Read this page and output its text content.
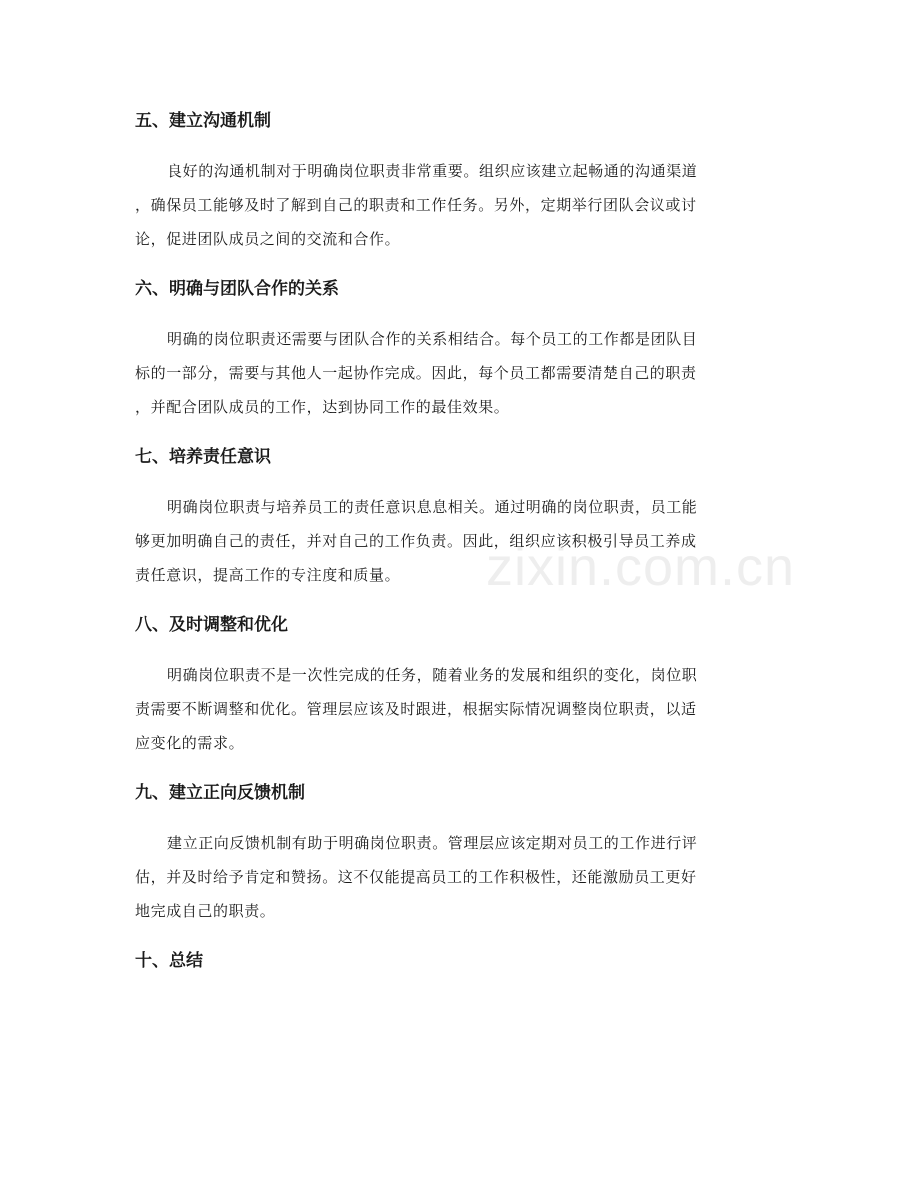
五、建立沟通机制
良好的沟通机制对于明确岗位职责非常重要。组织应该建立起畅通的沟通渠道
，确保员工能够及时了解到自己的职责和工作任务。另外，定期举行团队会议或讨
论，促进团队成员之间的交流和合作。
六、明确与团队合作的关系
明确的岗位职责还需要与团队合作的关系相结合。每个员工的工作都是团队目
标的一部分，需要与其他人一起协作完成。因此，每个员工都需要清楚自己的职责
，并配合团队成员的工作，达到协同工作的最佳效果。
七、培养责任意识
明确岗位职责与培养员工的责任意识息息相关。通过明确的岗位职责，员工能
够更加明确自己的责任，并对自己的工作负责。因此，组织应该积极引导员工养成
责任意识，提高工作的专注度和质量。
八、及时调整和优化
明确岗位职责不是一次性完成的任务，随着业务的发展和组织的变化，岗位职
责需要不断调整和优化。管理层应该及时跟进，根据实际情况调整岗位职责，以适
应变化的需求。
九、建立正向反馈机制
建立正向反馈机制有助于明确岗位职责。管理层应该定期对员工的工作进行评
估，并及时给予肯定和赞扬。这不仅能提高员工的工作积极性，还能激励员工更好
地完成自己的职责。
十、总结
zixin.com.cn
